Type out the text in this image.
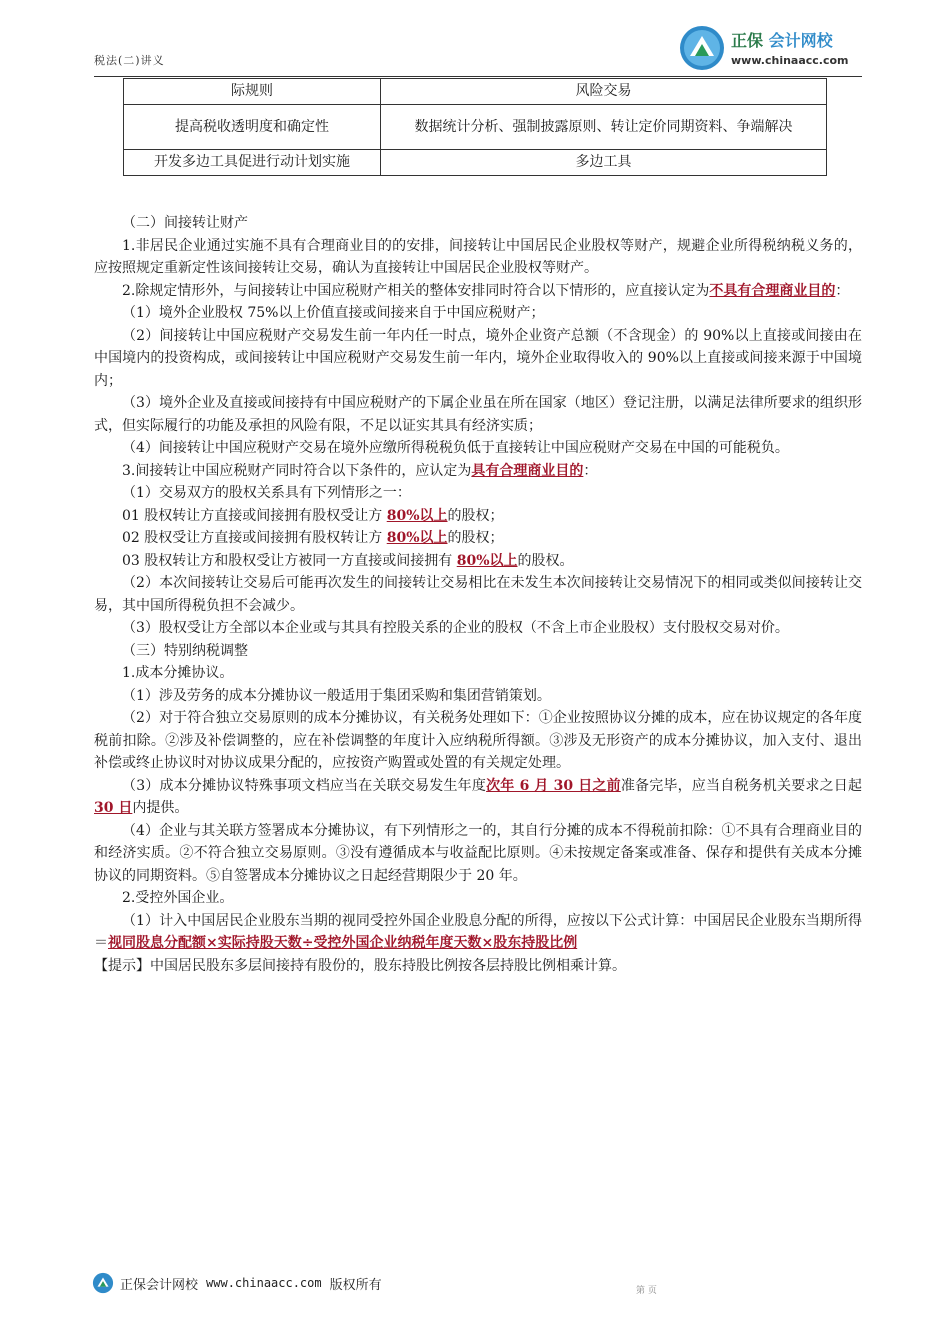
税法(二)讲义
正保 会计网校
www.chinaacc.com
际规则	风险交易
提高税收透明度和确定性	数据统计分析、强制披露原则、转让定价同期资料、争端解决
开发多边工具促进行动计划实施	多边工具

（二）间接转让财产

1.非居民企业通过实施不具有合理商业目的的安排，间接转让中国居民企业股权等财产，规避企业所得税纳税义务的，应按照规定重新定性该间接转让交易，确认为直接转让中国居民企业股权等财产。

2.除规定情形外，与间接转让中国应税财产相关的整体安排同时符合以下情形的，应直接认定为不具有合理商业目的：

（1）境外企业股权 75%以上价值直接或间接来自于中国应税财产；

（2）间接转让中国应税财产交易发生前一年内任一时点，境外企业资产总额（不含现金）的 90%以上直接或间接由在中国境内的投资构成，或间接转让中国应税财产交易发生前一年内，境外企业取得收入的 90%以上直接或间接来源于中国境内；

（3）境外企业及直接或间接持有中国应税财产的下属企业虽在所在国家（地区）登记注册，以满足法律所要求的组织形式，但实际履行的功能及承担的风险有限，不足以证实其具有经济实质；

（4）间接转让中国应税财产交易在境外应缴所得税税负低于直接转让中国应税财产交易在中国的可能税负。

3.间接转让中国应税财产同时符合以下条件的，应认定为具有合理商业目的：

（1）交易双方的股权关系具有下列情形之一：

01 股权转让方直接或间接拥有股权受让方 80%以上的股权；

02 股权受让方直接或间接拥有股权转让方 80%以上的股权；

03 股权转让方和股权受让方被同一方直接或间接拥有 80%以上的股权。

（2）本次间接转让交易后可能再次发生的间接转让交易相比在未发生本次间接转让交易情况下的相同或类似间接转让交易，其中国所得税负担不会减少。

（3）股权受让方全部以本企业或与其具有控股关系的企业的股权（不含上市企业股权）支付股权交易对价。

（三）特别纳税调整

1.成本分摊协议。

（1）涉及劳务的成本分摊协议一般适用于集团采购和集团营销策划。

（2）对于符合独立交易原则的成本分摊协议，有关税务处理如下：①企业按照协议分摊的成本，应在协议规定的各年度税前扣除。②涉及补偿调整的，应在补偿调整的年度计入应纳税所得额。③涉及无形资产的成本分摊协议，加入支付、退出补偿或终止协议时对协议成果分配的，应按资产购置或处置的有关规定处理。

（3）成本分摊协议特殊事项文档应当在关联交易发生年度次年 6 月 30 日之前准备完毕，应当自税务机关要求之日起 30 日内提供。

（4）企业与其关联方签署成本分摊协议，有下列情形之一的，其自行分摊的成本不得税前扣除：①不具有合理商业目的和经济实质。②不符合独立交易原则。③没有遵循成本与收益配比原则。④未按规定备案或准备、保存和提供有关成本分摊协议的同期资料。⑤自签署成本分摊协议之日起经营期限少于 20 年。

2.受控外国企业。

（1）计入中国居民企业股东当期的视同受控外国企业股息分配的所得，应按以下公式计算：中国居民企业股东当期所得＝视同股息分配额×实际持股天数÷受控外国企业纳税年度天数×股东持股比例

【提示】中国居民股东多层间接持有股份的，股东持股比例按各层持股比例相乘计算。

正保会计网校 www.chinaacc.com 版权所有	第 页
